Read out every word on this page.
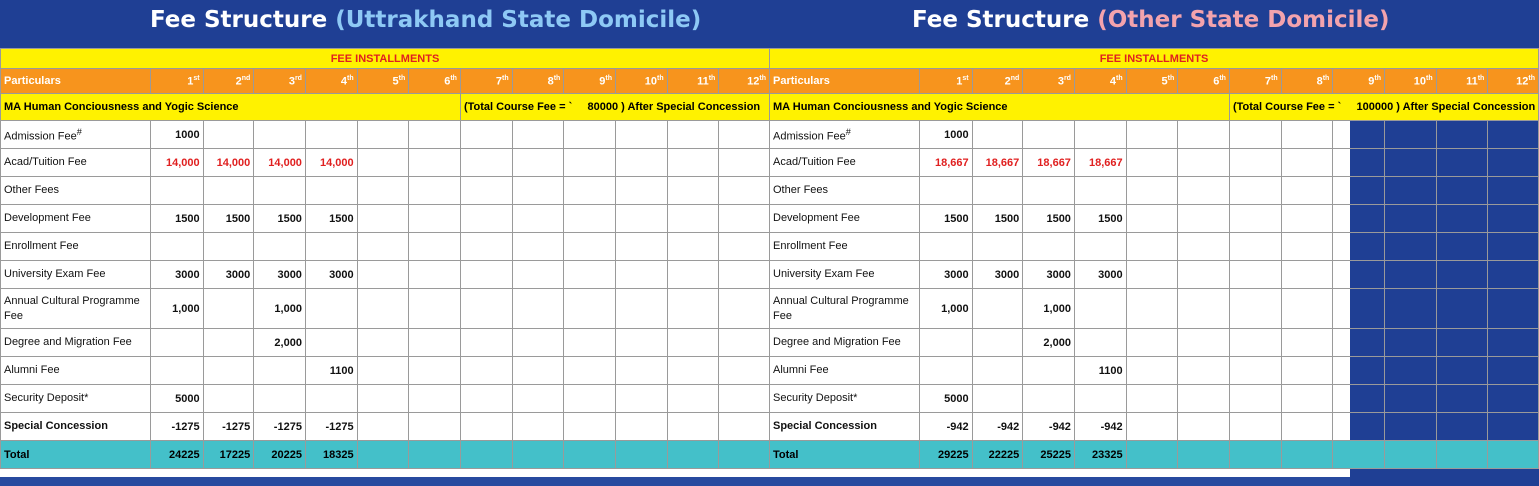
Fee Structure (Uttrakhand State Domicile)	Fee Structure (Other State Domicile)
FEE INSTALLMENTS												
Particulars	1st	2nd	3rd	4th	5th	6th	7th	8th	9th	10th	11th	12th
MA Human Conciousness and Yogic Science							(Total Course Fee = `     80000 ) After Special Concession					
Admission Fee#	1000											
Acad/Tuition Fee	14,000	14,000	14,000	14,000								
Other Fees												
Development Fee	1500	1500	1500	1500								
Enrollment Fee												
University Exam Fee	3000	3000	3000	3000								
Annual Cultural Programme Fee	1,000		1,000									
Degree and Migration Fee			2,000									
Alumni Fee				1100								
Security Deposit*	5000											
Special Concession	-1275	-1275	-1275	-1275								
Total	24225	17225	20225	18325								
FEE INSTALLMENTS												
Particulars	1st	2nd	3rd	4th	5th	6th	7th	8th	9th	10th	11th	12th
MA Human Conciousness and Yogic Science							(Total Course Fee = `     100000 ) After Special Concession					
Admission Fee#	1000											
Acad/Tuition Fee	18,667	18,667	18,667	18,667								
Other Fees												
Development Fee	1500	1500	1500	1500								
Enrollment Fee												
University Exam Fee	3000	3000	3000	3000								
Annual Cultural Programme Fee	1,000		1,000									
Degree and Migration Fee			2,000									
Alumni Fee				1100								
Security Deposit*	5000											
Special Concession	-942	-942	-942	-942								
Total	29225	22225	25225	23325								
